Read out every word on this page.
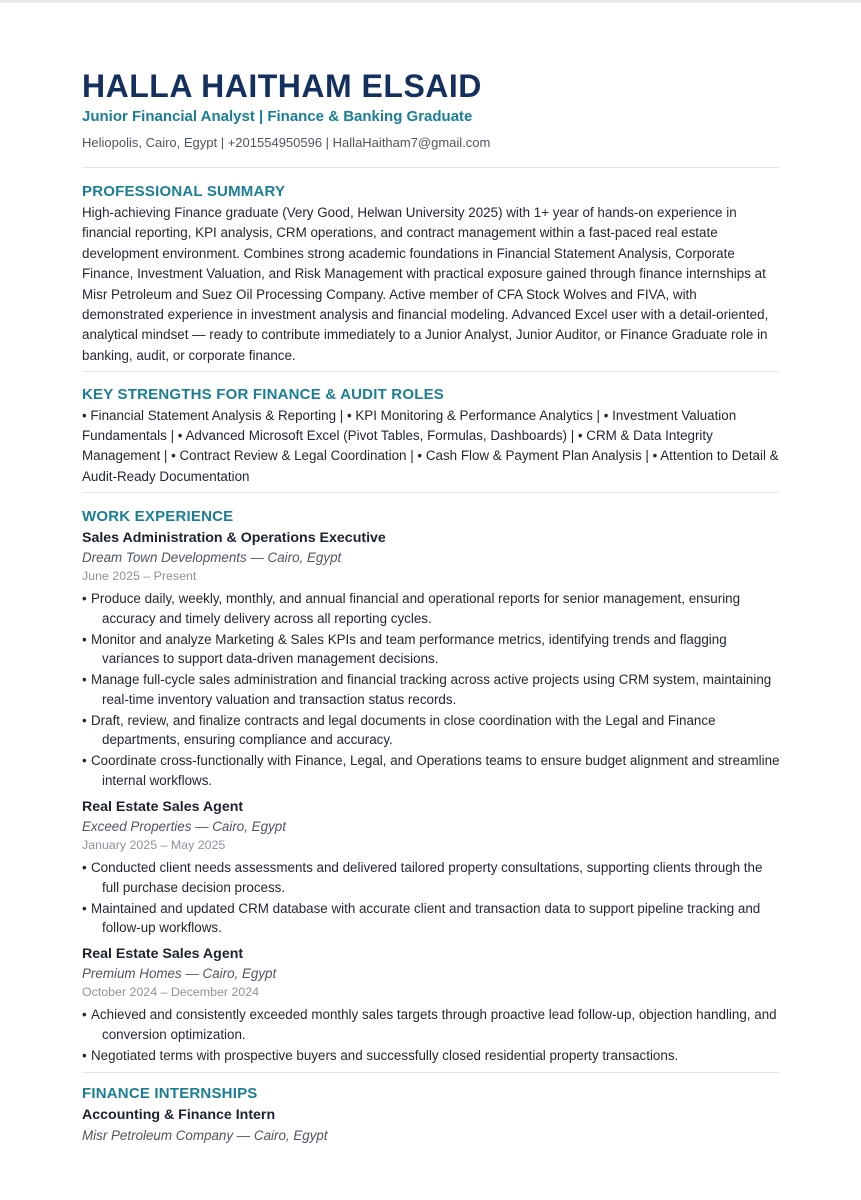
HALLA HAITHAM ELSAID
Junior Financial Analyst | Finance & Banking Graduate
Heliopolis, Cairo, Egypt | +201554950596 | HallaHaitham7@gmail.com
PROFESSIONAL SUMMARY

High-achieving Finance graduate (Very Good, Helwan University 2025) with 1+ year of hands-on experience in financial reporting, KPI analysis, CRM operations, and contract management within a fast-paced real estate development environment. Combines strong academic foundations in Financial Statement Analysis, Corporate Finance, Investment Valuation, and Risk Management with practical exposure gained through finance internships at Misr Petroleum and Suez Oil Processing Company. Active member of CFA Stock Wolves and FIVA, with demonstrated experience in investment analysis and financial modeling. Advanced Excel user with a detail-oriented, analytical mindset — ready to contribute immediately to a Junior Analyst, Junior Auditor, or Finance Graduate role in banking, audit, or corporate finance.

KEY STRENGTHS FOR FINANCE & AUDIT ROLES

• Financial Statement Analysis & Reporting | • KPI Monitoring & Performance Analytics | • Investment Valuation Fundamentals | • Advanced Microsoft Excel (Pivot Tables, Formulas, Dashboards) | • CRM & Data Integrity Management | • Contract Review & Legal Coordination | • Cash Flow & Payment Plan Analysis | • Attention to Detail & Audit-Ready Documentation

WORK EXPERIENCE
Sales Administration & Operations Executive
Dream Town Developments — Cairo, Egypt
June 2025 – Present
• Produce daily, weekly, monthly, and annual financial and operational reports for senior management, ensuring accuracy and timely delivery across all reporting cycles.
• Monitor and analyze Marketing & Sales KPIs and team performance metrics, identifying trends and flagging variances to support data-driven management decisions.
• Manage full-cycle sales administration and financial tracking across active projects using CRM system, maintaining real-time inventory valuation and transaction status records.
• Draft, review, and finalize contracts and legal documents in close coordination with the Legal and Finance departments, ensuring compliance and accuracy.
• Coordinate cross-functionally with Finance, Legal, and Operations teams to ensure budget alignment and streamline internal workflows.
Real Estate Sales Agent
Exceed Properties — Cairo, Egypt
January 2025 – May 2025
• Conducted client needs assessments and delivered tailored property consultations, supporting clients through the full purchase decision process.
• Maintained and updated CRM database with accurate client and transaction data to support pipeline tracking and follow-up workflows.
Real Estate Sales Agent
Premium Homes — Cairo, Egypt
October 2024 – December 2024
• Achieved and consistently exceeded monthly sales targets through proactive lead follow-up, objection handling, and conversion optimization.
• Negotiated terms with prospective buyers and successfully closed residential property transactions.
FINANCE INTERNSHIPS
Accounting & Finance Intern
Misr Petroleum Company — Cairo, Egypt
